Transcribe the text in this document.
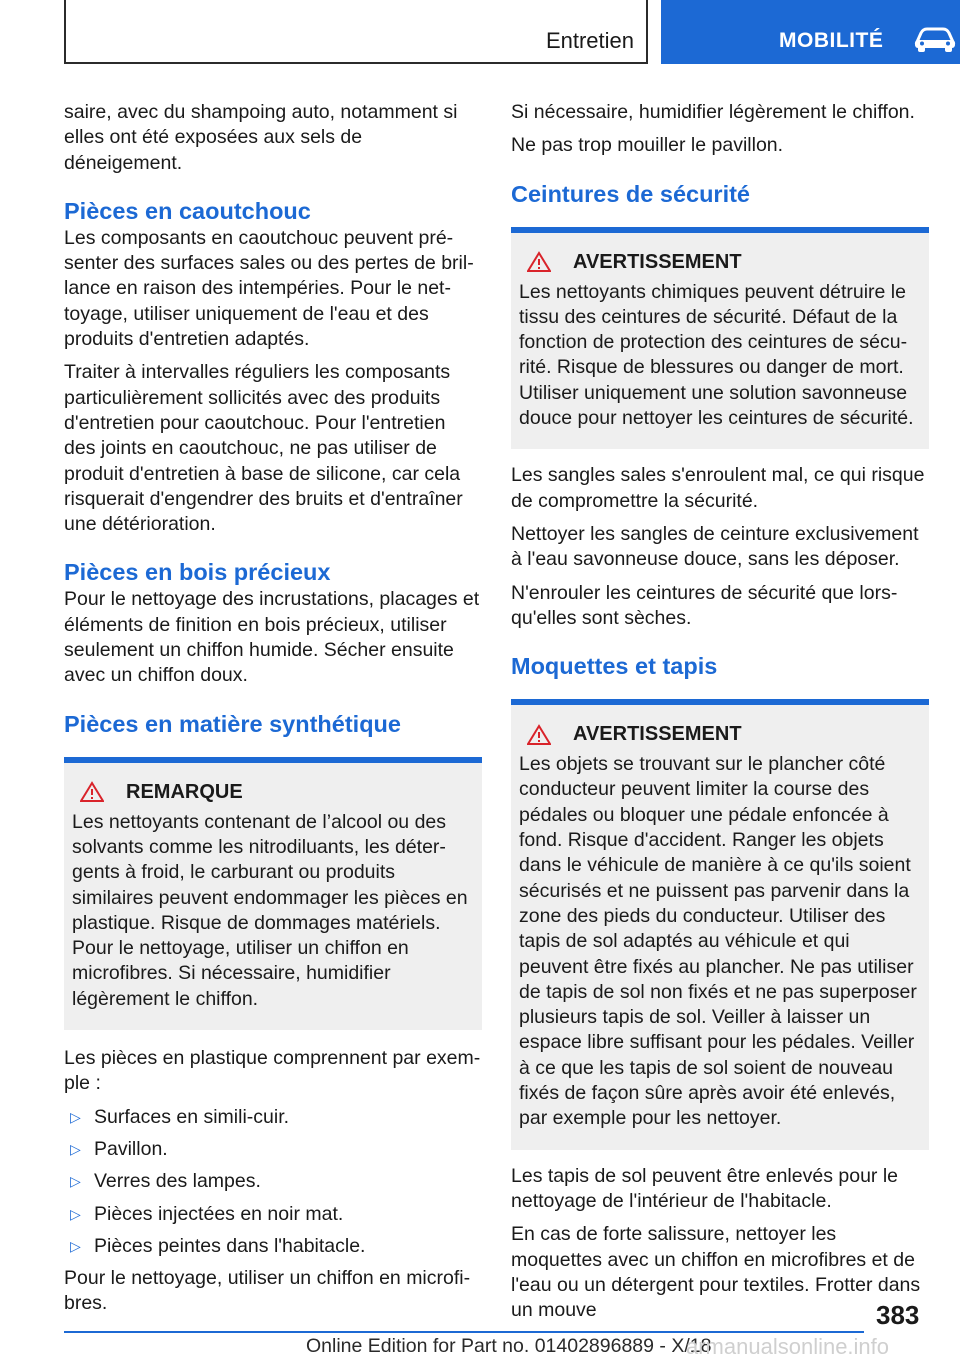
Entretien	MOBILITÉ

saire, avec du shampoing auto, notamment si elles ont été exposées aux sels de déneigement.

Pièces en caoutchouc

Les composants en caoutchouc peuvent présenter des surfaces sales ou des pertes de brillance en raison des intempéries. Pour le nettoyage, utiliser uniquement de l'eau et des produits d'entretien adaptés.

Traiter à intervalles réguliers les composants particulièrement sollicités avec des produits d'entretien pour caoutchouc. Pour l'entretien des joints en caoutchouc, ne pas utiliser de produit d'entretien à base de silicone, car cela risquerait d'engendrer des bruits et d'entraîner une détérioration.

Pièces en bois précieux

Pour le nettoyage des incrustations, placages et éléments de finition en bois précieux, utiliser seulement un chiffon humide. Sécher ensuite avec un chiffon doux.

Pièces en matière synthétique
REMARQUE

Les nettoyants contenant de l’alcool ou des solvants comme les nitrodiluants, les détergents à froid, le carburant ou produits similaires peuvent endommager les pièces en plastique. Risque de dommages matériels. Pour le nettoyage, utiliser un chiffon en microfibres. Si nécessaire, humidifier légèrement le chiffon.

Les pièces en plastique comprennent par exemple :

▷ Surfaces en simili-cuir.
▷ Pavillon.
▷ Verres des lampes.
▷ Pièces injectées en noir mat.
▷ Pièces peintes dans l'habitacle.

Pour le nettoyage, utiliser un chiffon en microfibres.

Si nécessaire, humidifier légèrement le chiffon.

Ne pas trop mouiller le pavillon.

Ceintures de sécurité
AVERTISSEMENT

Les nettoyants chimiques peuvent détruire le tissu des ceintures de sécurité. Défaut de la fonction de protection des ceintures de sécurité. Risque de blessures ou danger de mort. Utiliser uniquement une solution savonneuse douce pour nettoyer les ceintures de sécurité.

Les sangles sales s'enroulent mal, ce qui risque de compromettre la sécurité.

Nettoyer les sangles de ceinture exclusivement à l'eau savonneuse douce, sans les déposer.

N'enrouler les ceintures de sécurité que lorsqu'elles sont sèches.

Moquettes et tapis
AVERTISSEMENT

Les objets se trouvant sur le plancher côté conducteur peuvent limiter la course des pédales ou bloquer une pédale enfoncée à fond. Risque d'accident. Ranger les objets dans le véhicule de manière à ce qu'ils soient sécurisés et ne puissent pas parvenir dans la zone des pieds du conducteur. Utiliser des tapis de sol adaptés au véhicule et qui peuvent être fixés au plancher. Ne pas utiliser de tapis de sol non fixés et ne pas superposer plusieurs tapis de sol. Veiller à laisser un espace libre suffisant pour les pédales. Veiller à ce que les tapis de sol soient de nouveau fixés de façon sûre après avoir été enlevés, par exemple pour les nettoyer.

Les tapis de sol peuvent être enlevés pour le nettoyage de l'intérieur de l'habitacle.

En cas de forte salissure, nettoyer les moquettes avec un chiffon en microfibres et de l'eau ou un détergent pour textiles. Frotter dans un mouve	383
Online Edition for Part no. 01402896889 - X/18
armanualsonline.info
